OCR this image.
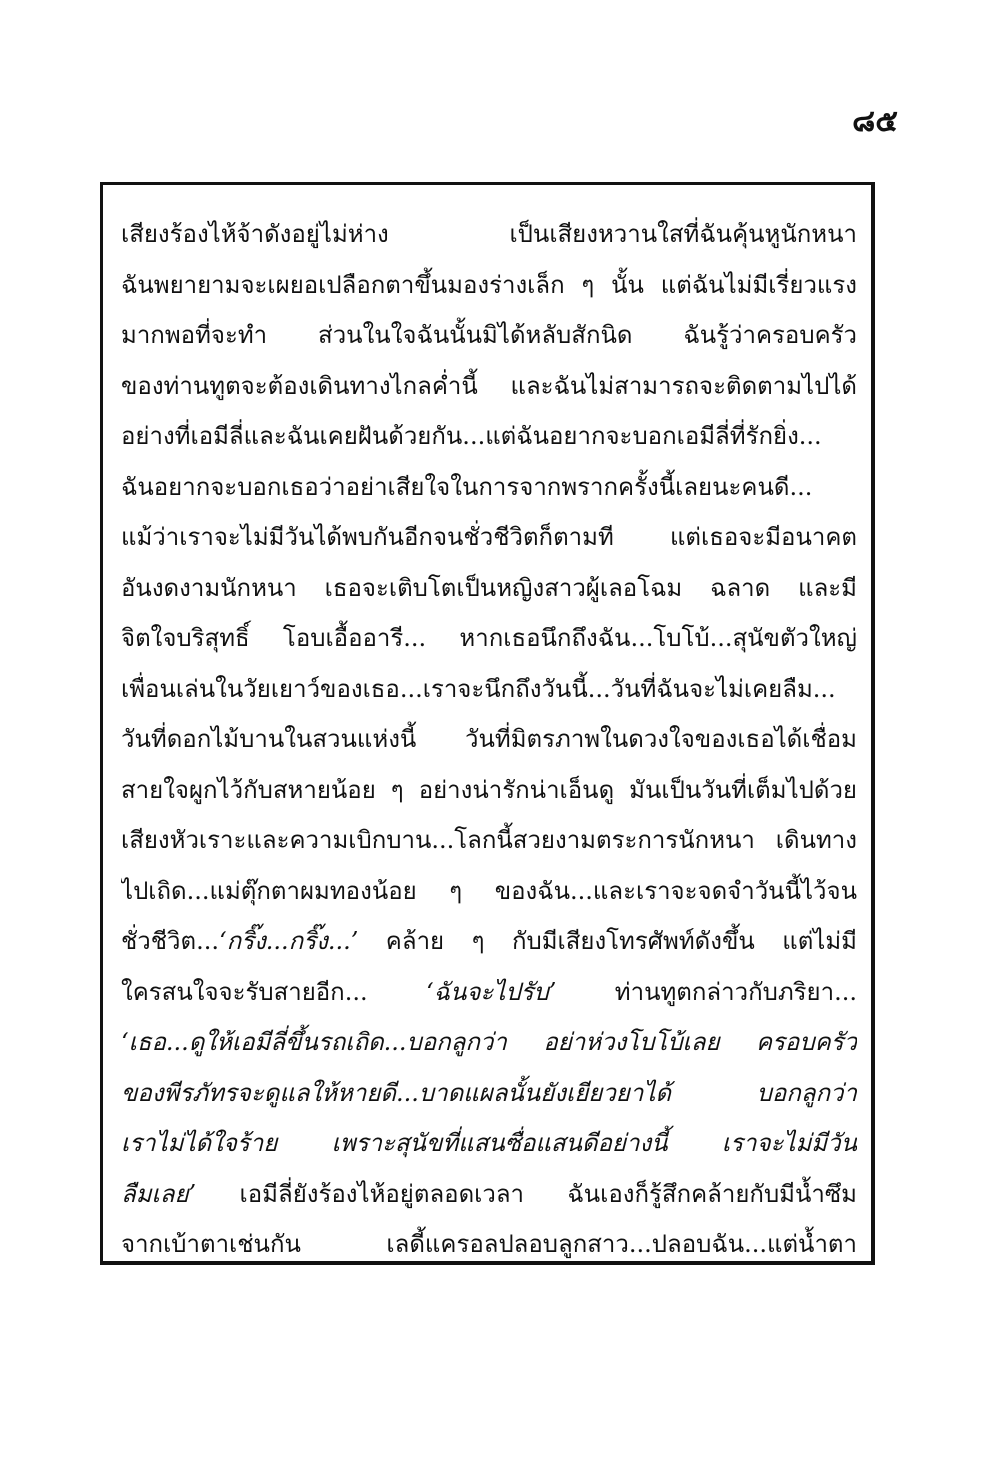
๘๕
เสียงร้องไห้จ้าดังอยู่ไม่ห่าง เป็นเสียงหวานใสที่ฉันคุ้นหูนักหนา
ฉันพยายามจะเผยอเปลือกตาขึ้นมองร่างเล็ก ๆ นั้น แต่ฉันไม่มีเรี่ยวแรง
มากพอที่จะทำ ส่วนในใจฉันนั้นมิได้หลับสักนิด ฉันรู้ว่าครอบครัว
ของท่านทูตจะต้องเดินทางไกลค่ำนี้ และฉันไม่สามารถจะติดตามไปได้
อย่างที่เอมีลี่และฉันเคยฝันด้วยกัน...แต่ฉันอยากจะบอกเอมีลี่ที่รักยิ่ง...
ฉันอยากจะบอกเธอว่าอย่าเสียใจในการจากพรากครั้งนี้เลยนะคนดี...
แม้ว่าเราจะไม่มีวันได้พบกันอีกจนชั่วชีวิตก็ตามที แต่เธอจะมีอนาคต
อันงดงามนักหนา เธอจะเติบโตเป็นหญิงสาวผู้เลอโฉม ฉลาด และมี
จิตใจบริสุทธิ์ โอบเอื้ออารี... หากเธอนึกถึงฉัน...โบโบ้...สุนัขตัวใหญ่
เพื่อนเล่นในวัยเยาว์ของเธอ...เราจะนึกถึงวันนี้...วันที่ฉันจะไม่เคยลืม...
วันที่ดอกไม้บานในสวนแห่งนี้ วันที่มิตรภาพในดวงใจของเธอได้เชื่อม
สายใจผูกไว้กับสหายน้อย ๆ อย่างน่ารักน่าเอ็นดู มันเป็นวันที่เต็มไปด้วย
เสียงหัวเราะและความเบิกบาน...โลกนี้สวยงามตระการนักหนา เดินทาง
ไปเถิด...แม่ตุ๊กตาผมทองน้อย ๆ ของฉัน...และเราจะจดจำวันนี้ไว้จน
ชั่วชีวิต...‘กริ๊ง...กริ๊ง...’ คล้าย ๆ กับมีเสียงโทรศัพท์ดังขึ้น แต่ไม่มี
ใครสนใจจะรับสายอีก... ‘ฉันจะไปรับ’ ท่านทูตกล่าวกับภริยา...
‘เธอ...ดูให้เอมีลี่ขึ้นรถเถิด...บอกลูกว่า อย่าห่วงโบโบ้เลย ครอบครัว
ของพีรภัทรจะดูแลให้หายดี...บาดแผลนั้นยังเยียวยาได้ บอกลูกว่า
เราไม่ได้ใจร้าย เพราะสุนัขที่แสนซื่อแสนดีอย่างนี้ เราจะไม่มีวัน
ลืมเลย’ เอมีลี่ยังร้องไห้อยู่ตลอดเวลา ฉันเองก็รู้สึกคล้ายกับมีน้ำซึม
จากเบ้าตาเช่นกัน เลดี้แครอลปลอบลูกสาว...ปลอบฉัน...แต่น้ำตา
